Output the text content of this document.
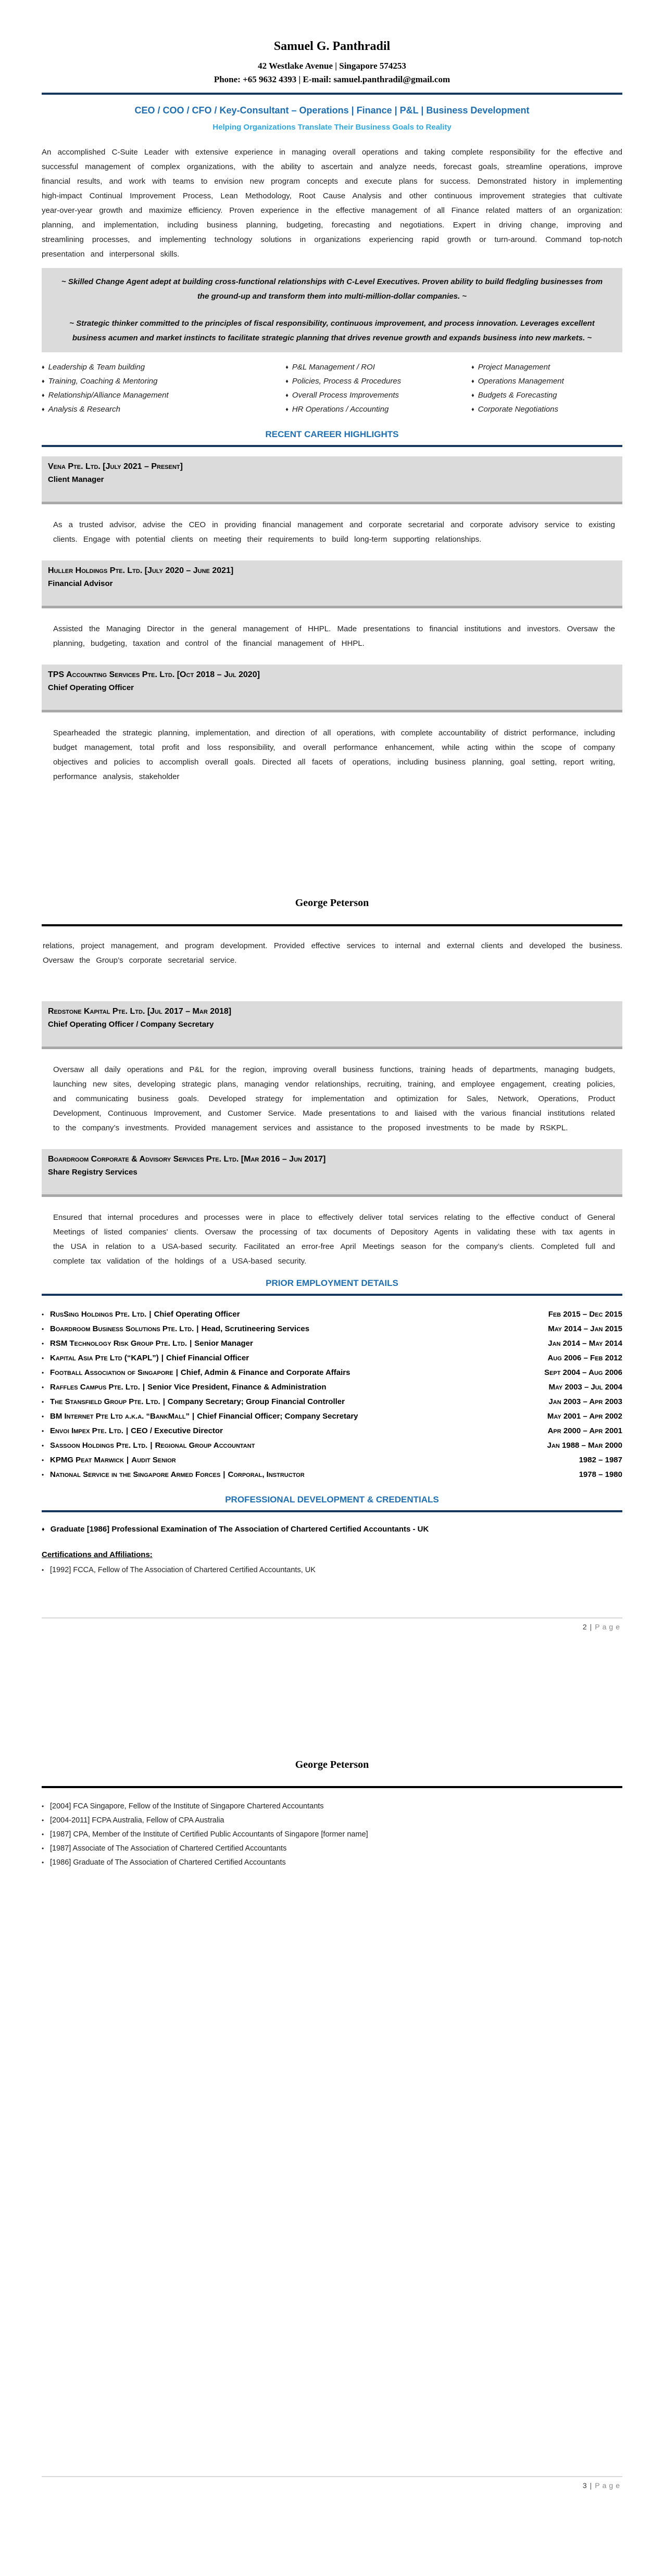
Samuel G. Panthradil
42 Westlake Avenue | Singapore 574253
Phone: +65 9632 4393 | E-mail: samuel.panthradil@gmail.com
CEO / COO / CFO / Key-Consultant – Operations | Finance | P&L | Business Development
Helping Organizations Translate Their Business Goals to Reality
An accomplished C-Suite Leader with extensive experience in managing overall operations and taking complete responsibility for the effective and successful management of complex organizations, with the ability to ascertain and analyze needs, forecast goals, streamline operations, improve financial results, and work with teams to envision new program concepts and execute plans for success. Demonstrated history in implementing high-impact Continual Improvement Process, Lean Methodology, Root Cause Analysis and other continuous improvement strategies that cultivate year-over-year growth and maximize efficiency. Proven experience in the effective management of all Finance related matters of an organization: planning, and implementation, including business planning, budgeting, forecasting and negotiations. Expert in driving change, improving and streamlining processes, and implementing technology solutions in organizations experiencing rapid growth or turn-around. Command top-notch presentation and interpersonal skills.

~ Skilled Change Agent adept at building cross-functional relationships with C-Level Executives. Proven ability to build fledgling businesses from the ground-up and transform them into multi-million-dollar companies. ~

~ Strategic thinker committed to the principles of fiscal responsibility, continuous improvement, and process innovation. Leverages excellent business acumen and market instincts to facilitate strategic planning that drives revenue growth and expands business into new markets. ~

♦ Leadership & Team building
♦ Training, Coaching & Mentoring
♦ Relationship/Alliance Management
♦ Analysis & Research
♦ P&L Management / ROI
♦ Policies, Process & Procedures
♦ Overall Process Improvements
♦ HR Operations / Accounting
♦ Project Management
♦ Operations Management
♦ Budgets & Forecasting
♦ Corporate Negotiations
RECENT CAREER HIGHLIGHTS
Vena Pte. Ltd. [July 2021 – Present]
Client Manager
As a trusted advisor, advise the CEO in providing financial management and corporate secretarial and corporate advisory service to existing clients. Engage with potential clients on meeting their requirements to build long-term supporting relationships.
Huller Holdings Pte. Ltd. [July 2020 – June 2021]
Financial Advisor
Assisted the Managing Director in the general management of HHPL. Made presentations to financial institutions and investors. Oversaw the planning, budgeting, taxation and control of the financial management of HHPL.
TPS Accounting Services Pte. Ltd. [Oct 2018 – Jul 2020]
Chief Operating Officer
Spearheaded the strategic planning, implementation, and direction of all operations, with complete accountability of district performance, including budget management, total profit and loss responsibility, and overall performance enhancement, while acting within the scope of company objectives and policies to accomplish overall goals. Directed all facets of operations, including business planning, goal setting, report writing, performance analysis, stakeholder
George Peterson
relations, project management, and program development. Provided effective services to internal and external clients and developed the business. Oversaw the Group’s corporate secretarial service.
Redstone Kapital Pte. Ltd. [Jul 2017 – Mar 2018]
Chief Operating Officer / Company Secretary
Oversaw all daily operations and P&L for the region, improving overall business functions, training heads of departments, managing budgets, launching new sites, developing strategic plans, managing vendor relationships, recruiting, training, and employee engagement, creating policies, and communicating business goals. Developed strategy for implementation and optimization for Sales, Network, Operations, Product Development, Continuous Improvement, and Customer Service. Made presentations to and liaised with the various financial institutions related to the company’s investments. Provided management services and assistance to the proposed investments to be made by RSKPL.
Boardroom Corporate & Advisory Services Pte. Ltd. [Mar 2016 – Jun 2017]
Share Registry Services
Ensured that internal procedures and processes were in place to effectively deliver total services relating to the effective conduct of General Meetings of listed companies' clients. Oversaw the processing of tax documents of Depository Agents in validating these with tax agents in the USA in relation to a USA-based security. Facilitated an error-free April Meetings season for the company’s clients. Completed full and complete tax validation of the holdings of a USA-based security.
PRIOR EMPLOYMENT DETAILS
• RusSing Holdings Pte. Ltd. | Chief Operating Officer	Feb 2015 – Dec 2015
• Boardroom Business Solutions Pte. Ltd. | Head, Scrutineering Services	May 2014 – Jan 2015
• RSM Technology Risk Group Pte. Ltd. | Senior Manager	Jan 2014 – May 2014
• Kapital Asia Pte Ltd (“KAPL”) | Chief Financial Officer	Aug 2006 – Feb 2012
• Football Association of Singapore | Chief, Admin & Finance and Corporate Affairs	Sept 2004 – Aug 2006
• Raffles Campus Pte. Ltd. | Senior Vice President, Finance & Administration	May 2003 – Jul 2004
• The Stansfield Group Pte. Ltd. | Company Secretary; Group Financial Controller	Jan 2003 – Apr 2003
• BM Internet Pte Ltd a.k.a. “BankMall” | Chief Financial Officer; Company Secretary	May 2001 – Apr 2002
• Envoi Impex Pte. Ltd. | CEO / Executive Director	Apr 2000 – Apr 2001
• Sassoon Holdings Pte. Ltd. | Regional Group Accountant	Jan 1988 – Mar 2000
• KPMG Peat Marwick | Audit Senior	1982 – 1987
• National Service in the Singapore Armed Forces | Corporal, Instructor	1978 – 1980
PROFESSIONAL DEVELOPMENT & CREDENTIALS
♦ Graduate [1986] Professional Examination of The Association of Chartered Certified Accountants - UK
Certifications and Affiliations:
• [1992] FCCA, Fellow of The Association of Chartered Certified Accountants, UK
2 | Page
George Peterson
• [2004] FCA Singapore, Fellow of the Institute of Singapore Chartered Accountants
• [2004-2011] FCPA Australia, Fellow of CPA Australia
• [1987] CPA, Member of the Institute of Certified Public Accountants of Singapore [former name]
• [1987] Associate of The Association of Chartered Certified Accountants
• [1986] Graduate of The Association of Chartered Certified Accountants
3 | Page
